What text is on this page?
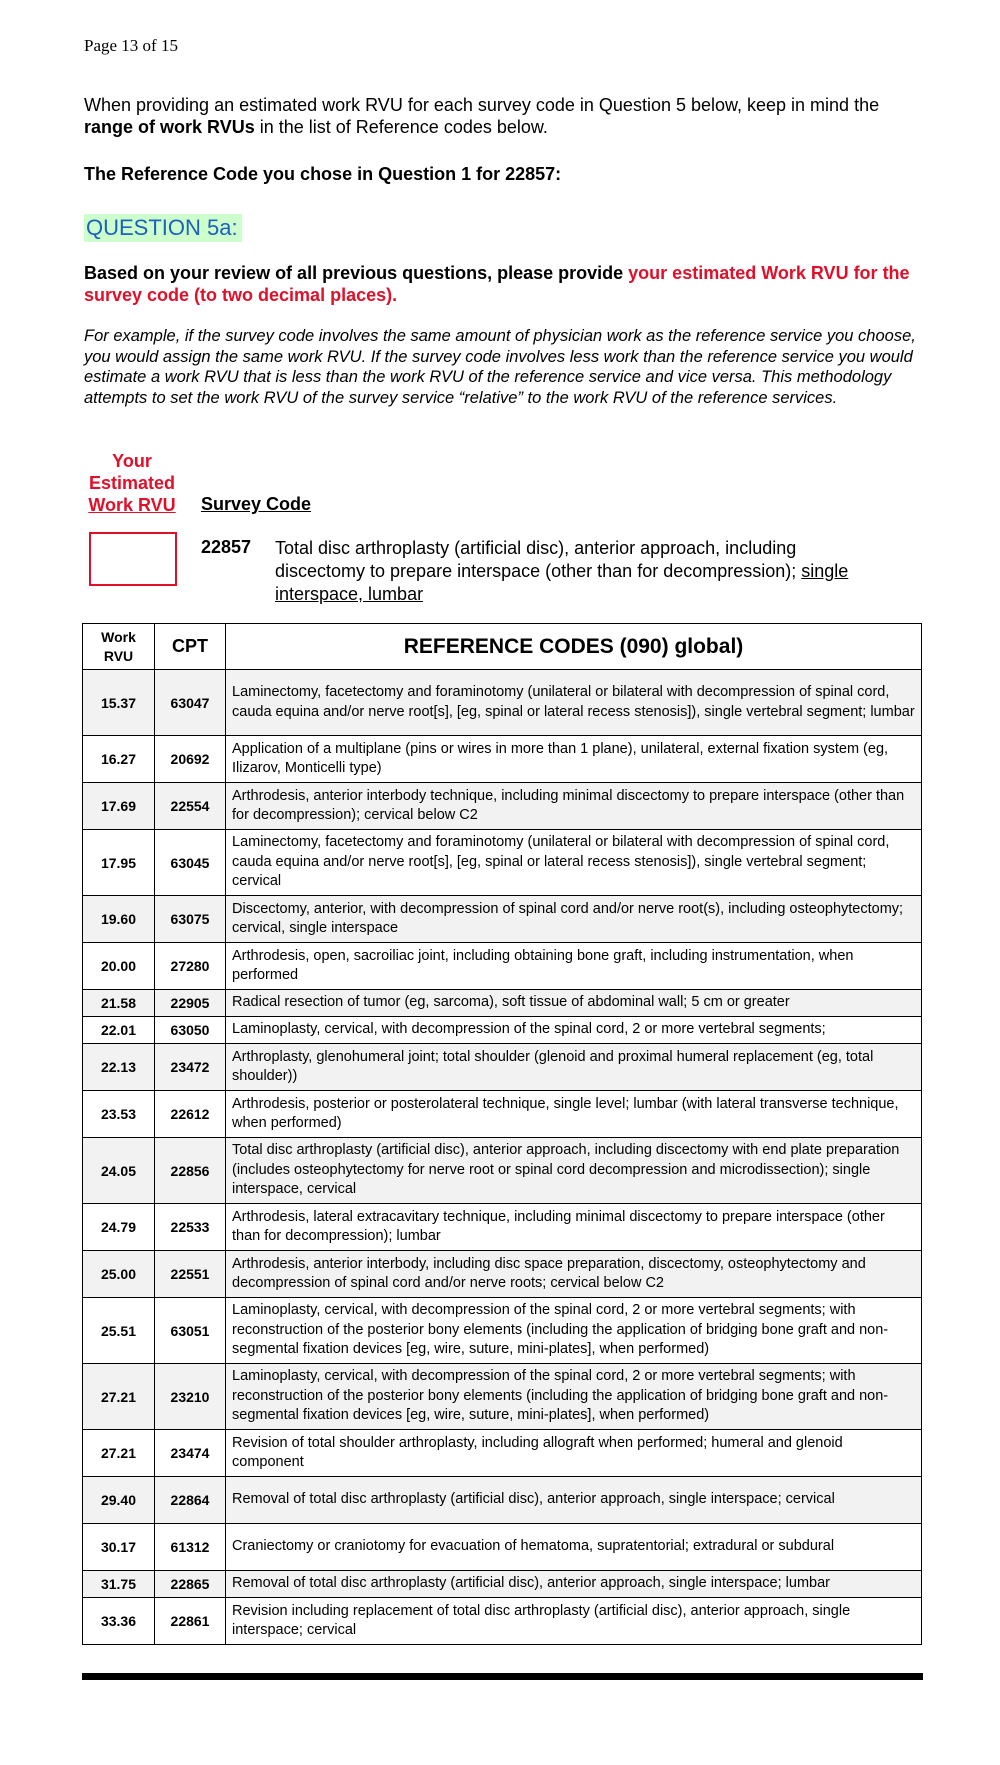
Page 13 of 15
When providing an estimated work RVU for each survey code in Question 5 below, keep in mind the range of work RVUs in the list of Reference codes below.
The Reference Code you chose in Question 1 for 22857:
QUESTION 5a:
Based on your review of all previous questions, please provide your estimated Work RVU for the survey code (to two decimal places).
For example, if the survey code involves the same amount of physician work as the reference service you choose, you would assign the same work RVU. If the survey code involves less work than the reference service you would estimate a work RVU that is less than the work RVU of the reference service and vice versa. This methodology attempts to set the work RVU of the survey service “relative” to the work RVU of the reference services.
Your
Estimated
Work RVU	Survey Code
22857 Total disc arthroplasty (artificial disc), anterior approach, including discectomy to prepare interspace (other than for decompression); single interspace, lumbar
Work RVU	CPT	REFERENCE CODES (090) global)
15.37	63047	Laminectomy, facetectomy and foraminotomy (unilateral or bilateral with decompression of spinal cord, cauda equina and/or nerve root[s], [eg, spinal or lateral recess stenosis]), single vertebral segment; lumbar
16.27	20692	Application of a multiplane (pins or wires in more than 1 plane), unilateral, external fixation system (eg, Ilizarov, Monticelli type)
17.69	22554	Arthrodesis, anterior interbody technique, including minimal discectomy to prepare interspace (other than for decompression); cervical below C2
17.95	63045	Laminectomy, facetectomy and foraminotomy (unilateral or bilateral with decompression of spinal cord, cauda equina and/or nerve root[s], [eg, spinal or lateral recess stenosis]), single vertebral segment; cervical
19.60	63075	Discectomy, anterior, with decompression of spinal cord and/or nerve root(s), including osteophytectomy; cervical, single interspace
20.00	27280	Arthrodesis, open, sacroiliac joint, including obtaining bone graft, including instrumentation, when performed
21.58	22905	Radical resection of tumor (eg, sarcoma), soft tissue of abdominal wall; 5 cm or greater
22.01	63050	Laminoplasty, cervical, with decompression of the spinal cord, 2 or more vertebral segments;
22.13	23472	Arthroplasty, glenohumeral joint; total shoulder (glenoid and proximal humeral replacement (eg, total shoulder))
23.53	22612	Arthrodesis, posterior or posterolateral technique, single level; lumbar (with lateral transverse technique, when performed)
24.05	22856	Total disc arthroplasty (artificial disc), anterior approach, including discectomy with end plate preparation (includes osteophytectomy for nerve root or spinal cord decompression and microdissection); single interspace, cervical
24.79	22533	Arthrodesis, lateral extracavitary technique, including minimal discectomy to prepare interspace (other than for decompression); lumbar
25.00	22551	Arthrodesis, anterior interbody, including disc space preparation, discectomy, osteophytectomy and decompression of spinal cord and/or nerve roots; cervical below C2
25.51	63051	Laminoplasty, cervical, with decompression of the spinal cord, 2 or more vertebral segments; with reconstruction of the posterior bony elements (including the application of bridging bone graft and non-segmental fixation devices [eg, wire, suture, mini-plates], when performed)
27.21	23210	Laminoplasty, cervical, with decompression of the spinal cord, 2 or more vertebral segments; with reconstruction of the posterior bony elements (including the application of bridging bone graft and non-segmental fixation devices [eg, wire, suture, mini-plates], when performed)
27.21	23474	Revision of total shoulder arthroplasty, including allograft when performed; humeral and glenoid component
29.40	22864	Removal of total disc arthroplasty (artificial disc), anterior approach, single interspace; cervical
30.17	61312	Craniectomy or craniotomy for evacuation of hematoma, supratentorial; extradural or subdural
31.75	22865	Removal of total disc arthroplasty (artificial disc), anterior approach, single interspace; lumbar
33.36	22861	Revision including replacement of total disc arthroplasty (artificial disc), anterior approach, single interspace; cervical
